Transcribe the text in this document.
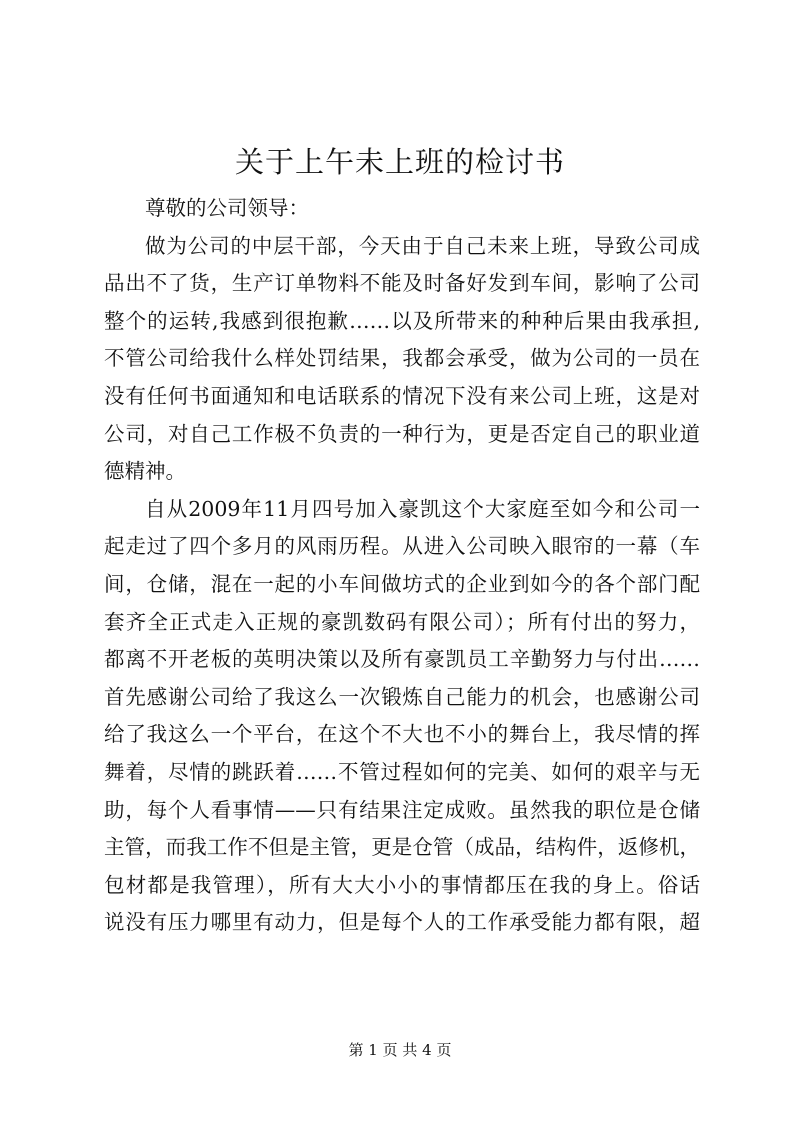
关于上午未上班的检讨书
尊敬的公司领导：
做为公司的中层干部，今天由于自己未来上班，导致公司成
品出不了货，生产订单物料不能及时备好发到车间，影响了公司
整个的运转,我感到很抱歉……以及所带来的种种后果由我承担,
不管公司给我什么样处罚结果，我都会承受，做为公司的一员在
没有任何书面通知和电话联系的情况下没有来公司上班，这是对
公司，对自己工作极不负责的一种行为，更是否定自己的职业道
德精神。
自从2009年11月四号加入豪凯这个大家庭至如今和公司一
起走过了四个多月的风雨历程。从进入公司映入眼帘的一幕（车
间，仓储，混在一起的小车间做坊式的企业到如今的各个部门配
套齐全正式走入正规的豪凯数码有限公司）；所有付出的努力，
都离不开老板的英明决策以及所有豪凯员工辛勤努力与付出……
首先感谢公司给了我这么一次锻炼自己能力的机会，也感谢公司
给了我这么一个平台，在这个不大也不小的舞台上，我尽情的挥
舞着，尽情的跳跃着……不管过程如何的完美、如何的艰辛与无
助，每个人看事情——只有结果注定成败。虽然我的职位是仓储
主管，而我工作不但是主管，更是仓管（成品，结构件，返修机，
包材都是我管理），所有大大小小的事情都压在我的身上。俗话
说没有压力哪里有动力，但是每个人的工作承受能力都有限，超
第 1 页 共 4 页
